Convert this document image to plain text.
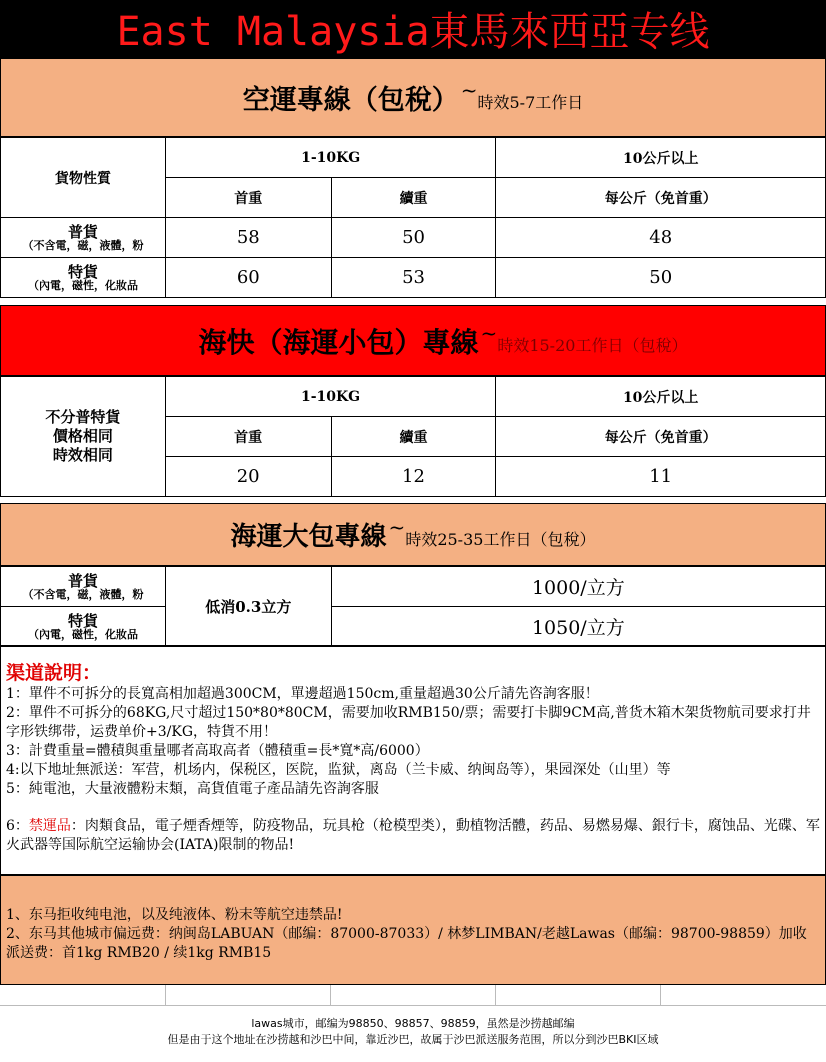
East Malaysia東馬來西亞专线
空運專線（包稅） ~
時效5-7工作日
貨物性質	1-10KG		10公斤以上
	首重	續重	每公斤（免首重）

普貨
（不含電，磁，液體，粉	58	50	48

特貨
（內電，磁性，化妝品	60	53	50
海快（海運小包）專線 ~
時效15-20工作日（包稅）
不分普特貨
價格相同
時效相同	1-10KG		10公斤以上
	首重	續重	每公斤（免首重）
	20	12	11
海運大包專線 ~
時效25-35工作日（包稅）
普貨
（不含電，磁，液體，粉	低消0.3立方	1000/立方

特貨
（內電，磁性，化妝品		1050/立方
渠道說明：

1：單件不可拆分的長寬高相加超過300CM，單邊超過150cm,重量超過30公斤請先咨詢客服！

2：單件不可拆分的68KG,尺寸超过150*80*80CM，需要加收RMB150/票；需要打卡脚9CM高,普货木箱木架货物航司要求打井字形铁绑带，运费单价+3/KG，特貨不用！

3：計費重量=體積與重量哪者高取高者（體積重=長*寬*高/6000）

4:以下地址無派送：军营，机场内，保税区，医院，监狱，离岛（兰卡威、纳闽岛等），果园深处（山里）等

5：純電池，大量液體粉末類，高貨值電子產品請先咨詢客服

6：禁運品：肉類食品，電子煙香煙等，防疫物品，玩具枪（枪模型类），動植物活體，药品、易燃易爆、銀行卡，腐蚀品、光碟、军火武器等国际航空运输协会(IATA)限制的物品!

1、东马拒收纯电池，以及纯液体、粉末等航空违禁品!

2、东马其他城市偏远费：纳闽岛LABUAN（邮编：87000-87033）/ 林梦LIMBAN/老越Lawas（邮编：98700-98859）加收派送费：首1kg RMB20 / 续1kg RMB15

lawas城市，邮编为98850、98857、98859，虽然是沙捞越邮编
但是由于这个地址在沙捞越和沙巴中间，靠近沙巴，故属于沙巴派送服务范围，所以分到沙巴BKI区域
